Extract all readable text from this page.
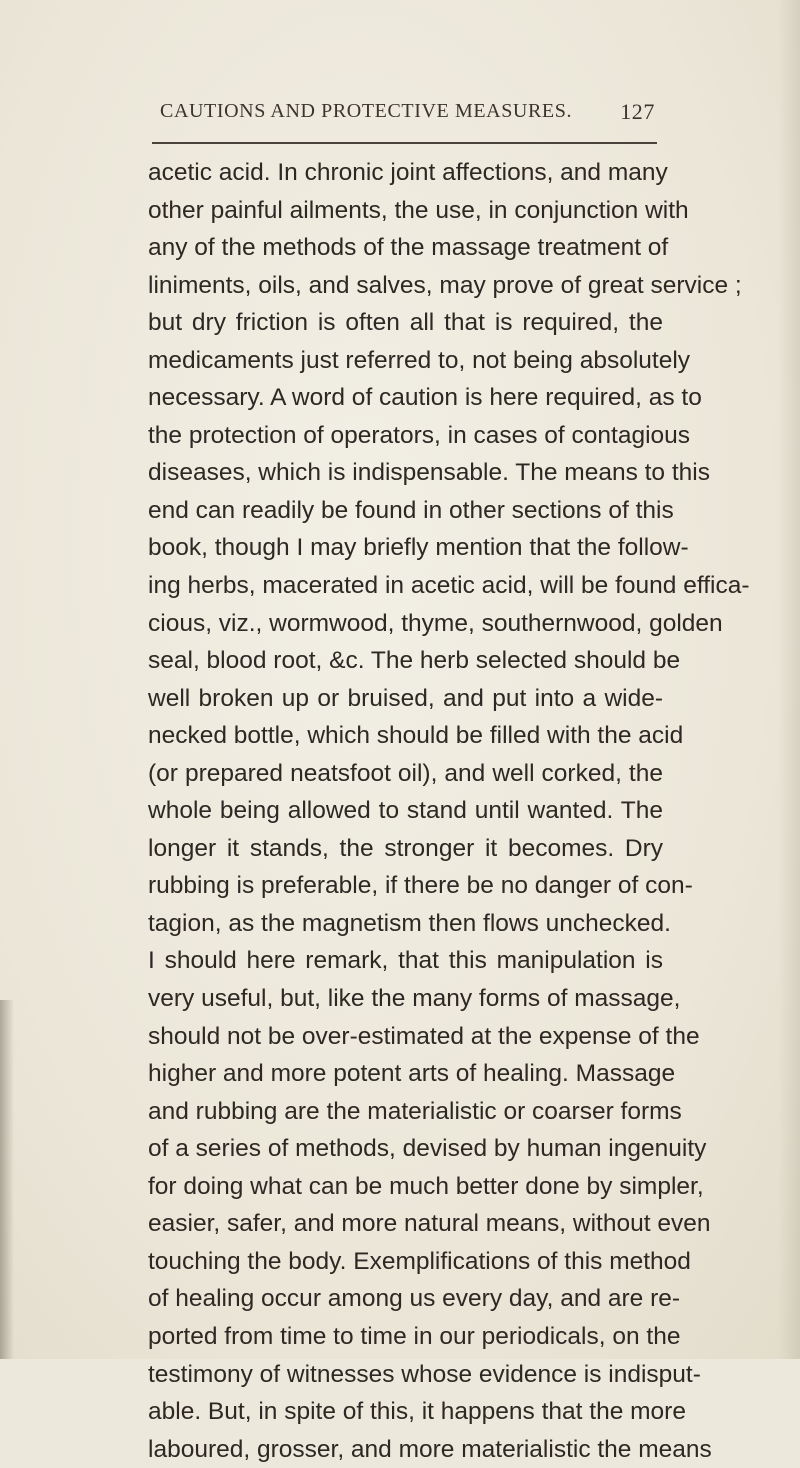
CAUTIONS AND PROTECTIVE MEASURES. 127
acetic acid. In chronic joint affections, and many
other painful ailments, the use, in conjunction with
any of the methods of the massage treatment of
liniments, oils, and salves, may prove of great service ;
but dry friction is often all that is required, the
medicaments just referred to, not being absolutely
necessary. A word of caution is here required, as to
the protection of operators, in cases of contagious
diseases, which is indispensable. The means to this
end can readily be found in other sections of this
book, though I may briefly mention that the follow-
ing herbs, macerated in acetic acid, will be found effica-
cious, viz., wormwood, thyme, southernwood, golden
seal, blood root, &c. The herb selected should be
well broken up or bruised, and put into a wide-
necked bottle, which should be filled with the acid
(or prepared neatsfoot oil), and well corked, the
whole being allowed to stand until wanted. The
longer it stands, the stronger it becomes. Dry
rubbing is preferable, if there be no danger of con-
tagion, as the magnetism then flows unchecked.
I should here remark, that this manipulation is
very useful, but, like the many forms of massage,
should not be over-estimated at the expense of the
higher and more potent arts of healing. Massage
and rubbing are the materialistic or coarser forms
of a series of methods, devised by human ingenuity
for doing what can be much better done by simpler,
easier, safer, and more natural means, without even
touching the body. Exemplifications of this method
of healing occur among us every day, and are re-
ported from time to time in our periodicals, on the
testimony of witnesses whose evidence is indisput-
able. But, in spite of this, it happens that the more
laboured, grosser, and more materialistic the means
